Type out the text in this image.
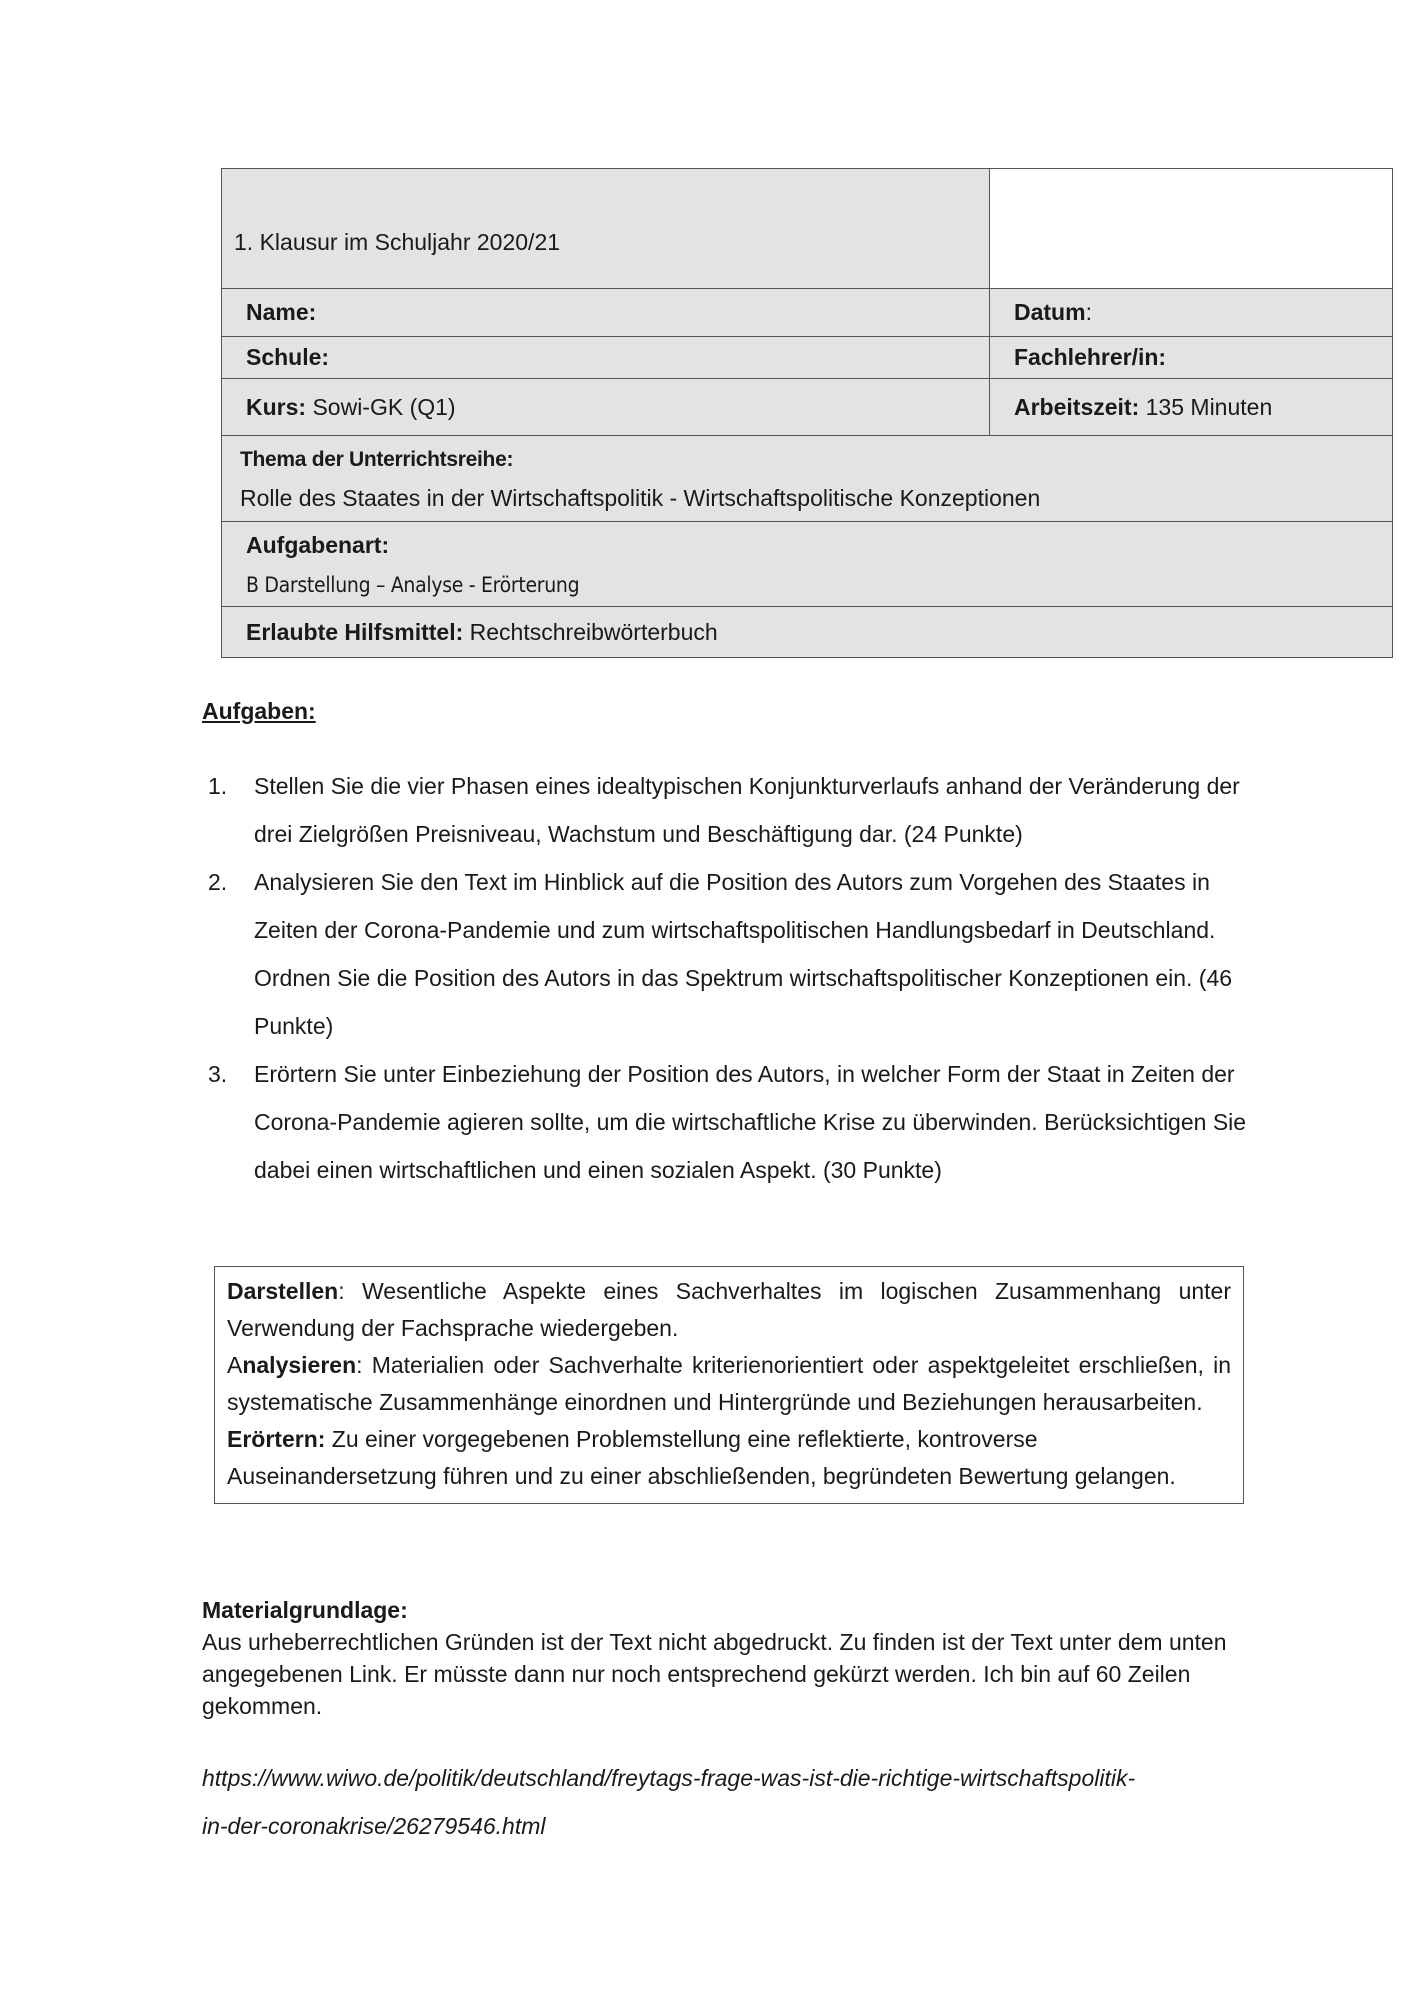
1. Klausur im Schuljahr 2020/21
Name:	Datum :
Schule:	Fachlehrer/in:
Kurs: Sowi-GK (Q1)	Arbeitszeit: 135 Minuten
Thema der Unterrichtsreihe:
Rolle des Staates in der Wirtschaftspolitik - Wirtschaftspolitische Konzeptionen
Aufgabenart:
B Darstellung – Analyse - Erörterung
Erlaubte Hilfsmittel: Rechtschreibwörterbuch
Aufgaben:
1.	Stellen Sie die vier Phasen eines idealtypischen Konjunkturverlaufs anhand der Veränderung der drei Zielgrößen Preisniveau, Wachstum und Beschäftigung dar. (24 Punkte)
2.	Analysieren Sie den Text im Hinblick auf die Position des Autors zum Vorgehen des Staates in Zeiten der Corona-Pandemie und zum wirtschaftspolitischen Handlungsbedarf in Deutschland. Ordnen Sie die Position des Autors in das Spektrum wirtschaftspolitischer Konzeptionen ein. (46 Punkte)
3.	Erörtern Sie unter Einbeziehung der Position des Autors, in welcher Form der Staat in Zeiten der Corona-Pandemie agieren sollte, um die wirtschaftliche Krise zu überwinden. Berücksichtigen Sie dabei einen wirtschaftlichen und einen sozialen Aspekt. (30 Punkte)

Darstellen: Wesentliche Aspekte eines Sachverhaltes im logischen Zusammenhang unter Verwendung der Fachsprache wiedergeben.

Analysieren: Materialien oder Sachverhalte kriterienorientiert oder aspektgeleitet erschließen, in systematische Zusammenhänge einordnen und Hintergründe und Beziehungen herausarbeiten.

Erörtern: Zu einer vorgegebenen Problemstellung eine reflektierte, kontroverse Auseinandersetzung führen und zu einer abschließenden, begründeten Bewertung gelangen.

Materialgrundlage:
Aus urheberrechtlichen Gründen ist der Text nicht abgedruckt. Zu finden ist der Text unter dem unten angegebenen Link. Er müsste dann nur noch entsprechend gekürzt werden. Ich bin auf 60 Zeilen gekommen.
https://www.wiwo.de/politik/deutschland/freytags-frage-was-ist-die-richtige-wirtschaftspolitik-
in-der-coronakrise/26279546.html
